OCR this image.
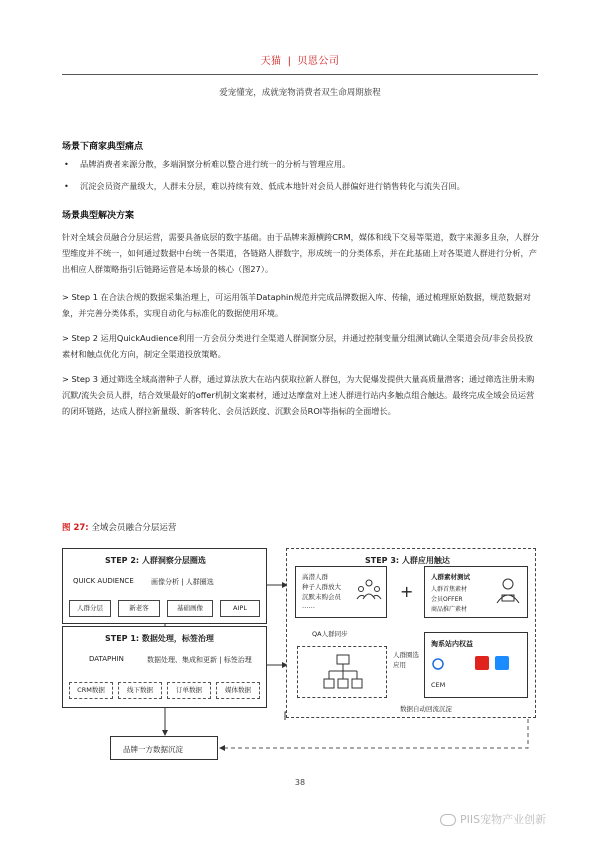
天猫 | 贝恩公司
爱宠懂宠，成就宠物消费者双生命周期旅程
场景下商家典型痛点
• 品牌消费者来源分散，多端洞察分析难以整合进行统一的分析与管理应用。
• 沉淀会员资产量级大，人群未分层，难以持续有效、低成本地针对会员人群偏好进行销售转化与流失召回。
场景典型解决方案
针对全域会员融合分层运营，需要具备底层的数字基础。由于品牌来源横跨CRM，媒体和线下交易等渠道，数字来源多且杂，人群分型维度并不统一，如何通过数据中台统一各渠道，各链路人群数字，形成统一的分类体系，并在此基础上对各渠道人群进行分析，产出相应人群策略指引后链路运营是本场景的核心（图27）。
> Step 1 在合法合规的数据采集治理上，可运用瓴羊Dataphin规范并完成品牌数据入库、传输，通过梳理原始数据，规范数据对象，并完善分类体系，实现自动化与标准化的数据使用环境。
> Step 2 运用QuickAudience利用一方会员分类进行全渠道人群洞察分层，并通过控制变量分组测试确认全渠道会员/非会员投放素材和触点优化方向，制定全渠道投放策略。
> Step 3 通过筛选全域高潜种子人群，通过算法放大在站内获取拉新人群包，为大促爆发提供大量高质量潜客；通过筛选注册未购沉默/流失会员人群，结合效果最好的offer机制文案素材，通过达摩盘对上述人群进行站内多触点组合触达。最终完成全域会员运营的闭环链路，达成人群拉新量级、新客转化、会员活跃度、沉默会员ROI等指标的全面增长。
图 27: 全域会员融合分层运营
STEP 2: 人群洞察分层圈选
QUICK AUDIENCE 画像分析 | 人群圈选
人群分层	新老客	基础画像	AIPL
STEP 1: 数据处理，标签治理
DATAPHIN	数据处理、集成和更新 | 标签治理
CRM数据	线下数据	订单数据	媒体数据
STEP 3: 人群应用触达
高潜人群
种子人群放大
沉默未购会员
……
+
人群素材测试
人群首焦素材
会员OFFER
商品推广素材
QA人群同步
人群圈选
应用
淘系站内权益
CEM
数据自动回流沉淀
品牌一方数据沉淀
38
PIIS宠物产业创新
